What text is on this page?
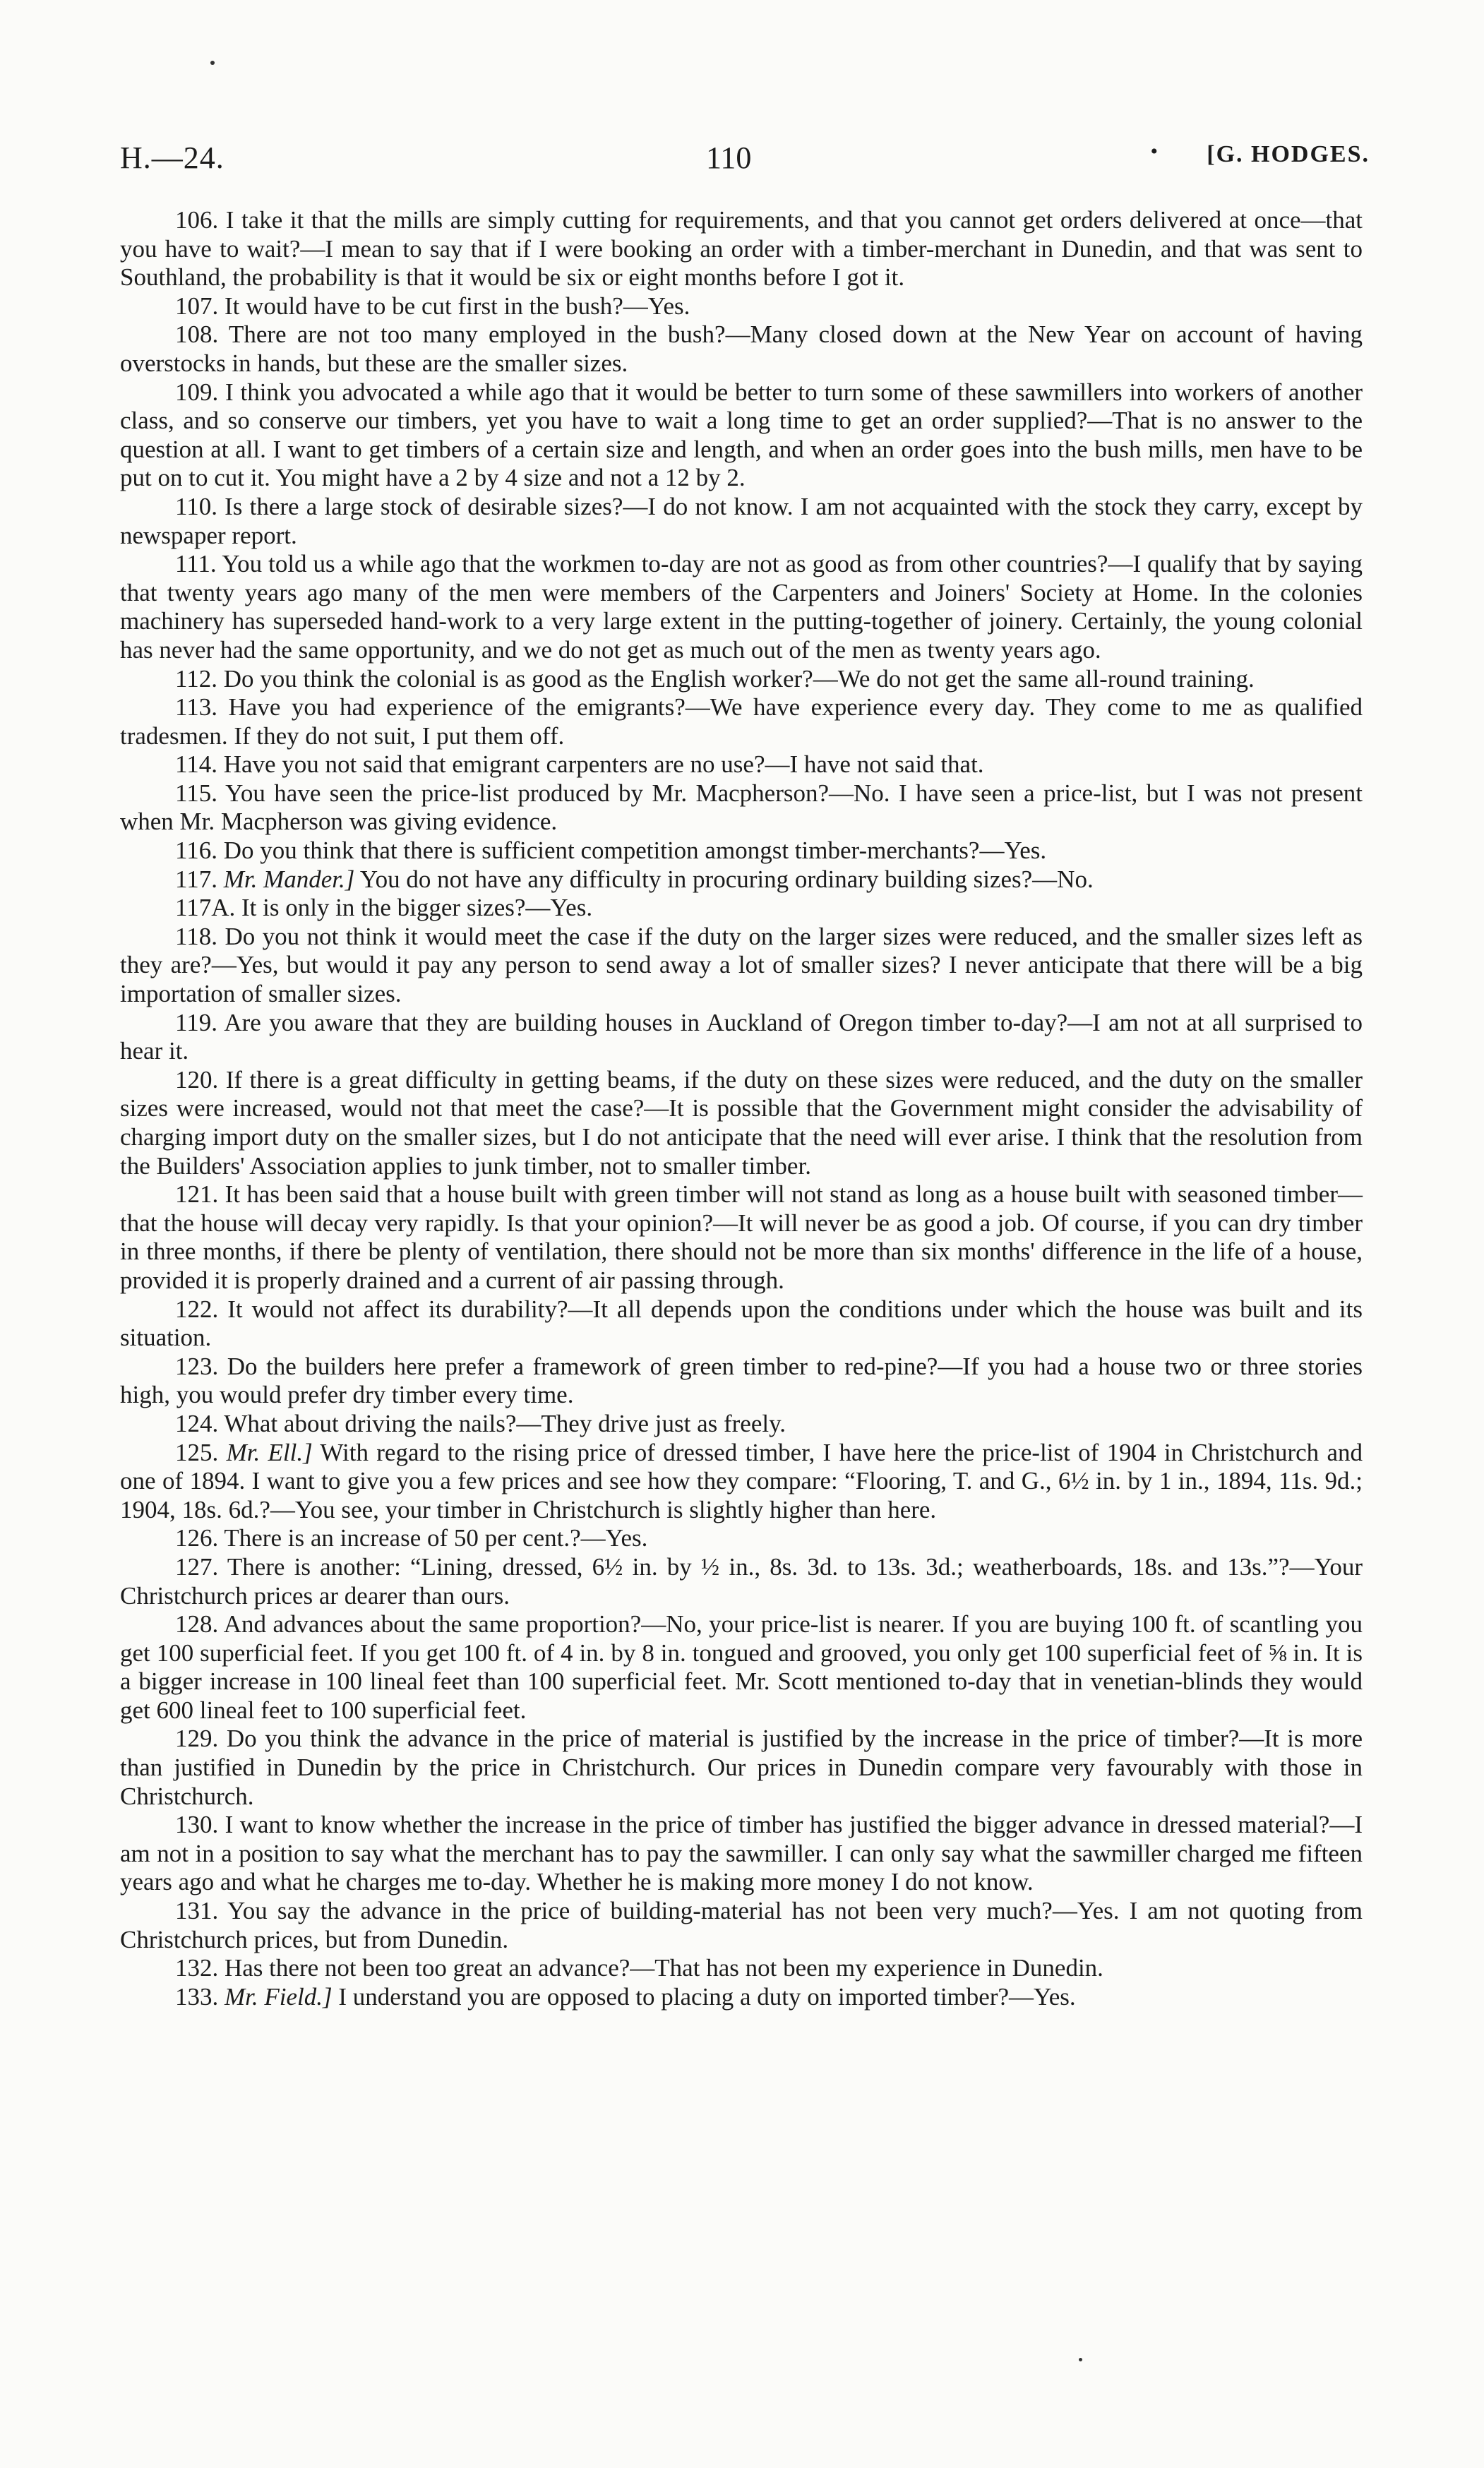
H.—24.	110	• [G. HODGES.

106. I take it that the mills are simply cutting for requirements, and that you cannot get orders delivered at once—that you have to wait?—I mean to say that if I were booking an order with a timber-merchant in Dunedin, and that was sent to Southland, the probability is that it would be six or eight months before I got it.

107. It would have to be cut first in the bush?—Yes.

108. There are not too many employed in the bush?—Many closed down at the New Year on account of having overstocks in hands, but these are the smaller sizes.

109. I think you advocated a while ago that it would be better to turn some of these sawmillers into workers of another class, and so conserve our timbers, yet you have to wait a long time to get an order supplied?—That is no answer to the question at all. I want to get timbers of a certain size and length, and when an order goes into the bush mills, men have to be put on to cut it. You might have a 2 by 4 size and not a 12 by 2.

110. Is there a large stock of desirable sizes?—I do not know. I am not acquainted with the stock they carry, except by newspaper report.

111. You told us a while ago that the workmen to-day are not as good as from other countries?—I qualify that by saying that twenty years ago many of the men were members of the Carpenters and Joiners' Society at Home. In the colonies machinery has superseded hand-work to a very large extent in the putting-together of joinery. Certainly, the young colonial has never had the same opportunity, and we do not get as much out of the men as twenty years ago.

112. Do you think the colonial is as good as the English worker?—We do not get the same all-round training.

113. Have you had experience of the emigrants?—We have experience every day. They come to me as qualified tradesmen. If they do not suit, I put them off.

114. Have you not said that emigrant carpenters are no use?—I have not said that.

115. You have seen the price-list produced by Mr. Macpherson?—No. I have seen a price-list, but I was not present when Mr. Macpherson was giving evidence.

116. Do you think that there is sufficient competition amongst timber-merchants?—Yes.

117. Mr. Mander.] You do not have any difficulty in procuring ordinary building sizes?—No.

117A. It is only in the bigger sizes?—Yes.

118. Do you not think it would meet the case if the duty on the larger sizes were reduced, and the smaller sizes left as they are?—Yes, but would it pay any person to send away a lot of smaller sizes? I never anticipate that there will be a big importation of smaller sizes.

119. Are you aware that they are building houses in Auckland of Oregon timber to-day?—I am not at all surprised to hear it.

120. If there is a great difficulty in getting beams, if the duty on these sizes were reduced, and the duty on the smaller sizes were increased, would not that meet the case?—It is possible that the Government might consider the advisability of charging import duty on the smaller sizes, but I do not anticipate that the need will ever arise. I think that the resolution from the Builders' Association applies to junk timber, not to smaller timber.

121. It has been said that a house built with green timber will not stand as long as a house built with seasoned timber—that the house will decay very rapidly. Is that your opinion?—It will never be as good a job. Of course, if you can dry timber in three months, if there be plenty of ventilation, there should not be more than six months' difference in the life of a house, provided it is properly drained and a current of air passing through.

122. It would not affect its durability?—It all depends upon the conditions under which the house was built and its situation.

123. Do the builders here prefer a framework of green timber to red-pine?—If you had a house two or three stories high, you would prefer dry timber every time.

124. What about driving the nails?—They drive just as freely.

125. Mr. Ell.] With regard to the rising price of dressed timber, I have here the price-list of 1904 in Christchurch and one of 1894. I want to give you a few prices and see how they compare: “Flooring, T. and G., 6½ in. by 1 in., 1894, 11s. 9d.; 1904, 18s. 6d.?—You see, your timber in Christchurch is slightly higher than here.

126. There is an increase of 50 per cent.?—Yes.

127. There is another: “Lining, dressed, 6½ in. by ½ in., 8s. 3d. to 13s. 3d.; weatherboards, 18s. and 13s.”?—Your Christchurch prices ar dearer than ours.

128. And advances about the same proportion?—No, your price-list is nearer. If you are buying 100 ft. of scantling you get 100 superficial feet. If you get 100 ft. of 4 in. by 8 in. tongued and grooved, you only get 100 superficial feet of ⅝ in. It is a bigger increase in 100 lineal feet than 100 superficial feet. Mr. Scott mentioned to-day that in venetian-blinds they would get 600 lineal feet to 100 superficial feet.

129. Do you think the advance in the price of material is justified by the increase in the price of timber?—It is more than justified in Dunedin by the price in Christchurch. Our prices in Dunedin compare very favourably with those in Christchurch.

130. I want to know whether the increase in the price of timber has justified the bigger advance in dressed material?—I am not in a position to say what the merchant has to pay the sawmiller. I can only say what the sawmiller charged me fifteen years ago and what he charges me to-day. Whether he is making more money I do not know.

131. You say the advance in the price of building-material has not been very much?—Yes. I am not quoting from Christchurch prices, but from Dunedin.

132. Has there not been too great an advance?—That has not been my experience in Dunedin.

133. Mr. Field.] I understand you are opposed to placing a duty on imported timber?—Yes.
